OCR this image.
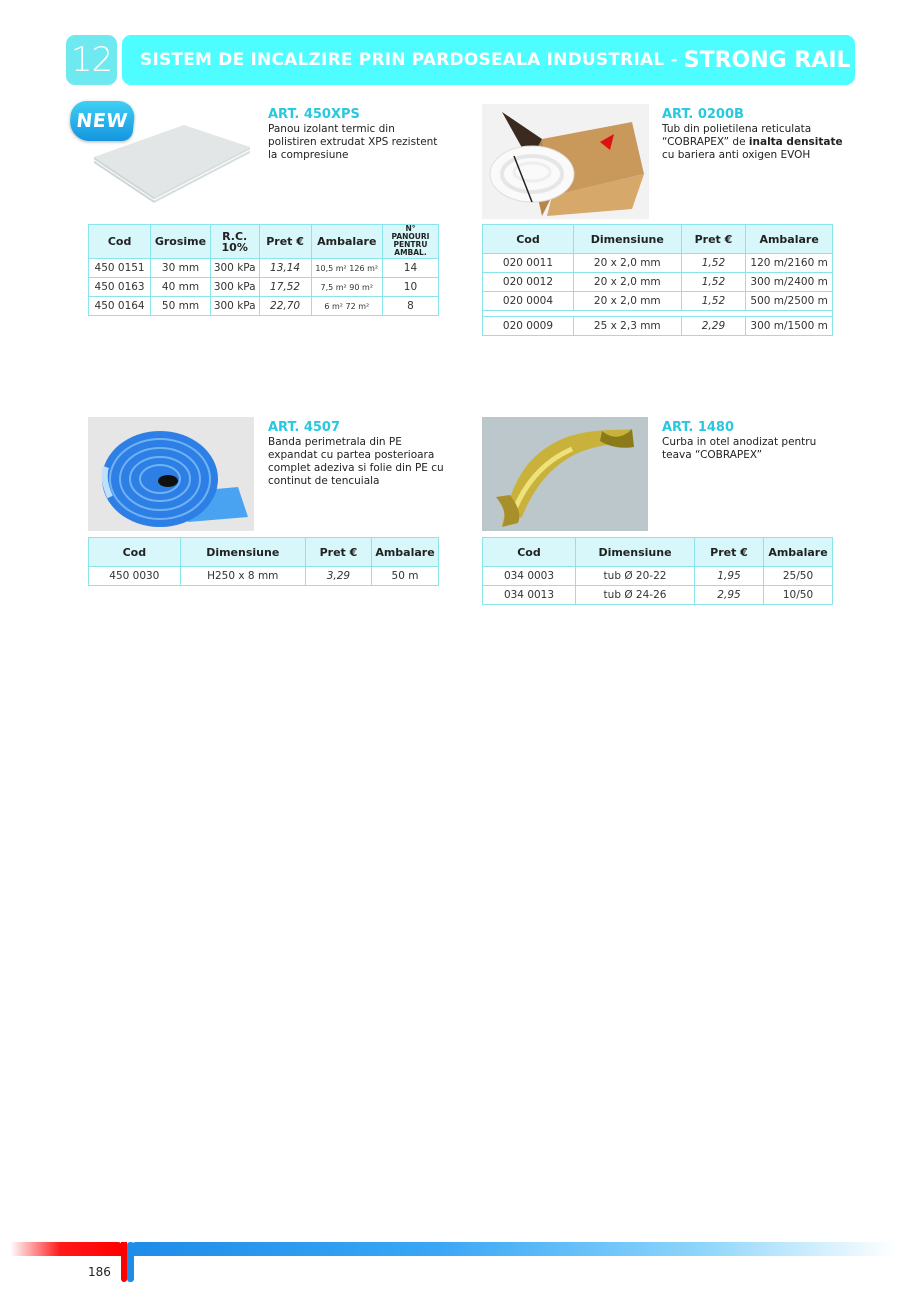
12 SISTEM DE INCALZIRE PRIN PARDOSEALA INDUSTRIAL - STRONG RAIL
NEW	ART. 450XPS
Panou izolant termic din
polistiren extrudat XPS rezistent
la compresiune
Cod	Grosime	R.C. 10%	Pret €	Ambalare	N° PANOURI PENTRU AMBAL.
450 0151	30 mm	300 kPa	13,14	10,5 m² 126 m²	14
450 0163	40 mm	300 kPa	17,52	7,5 m² 90 m²	10
450 0164	50 mm	300 kPa	22,70	6 m² 72 m²	8
ART. 0200B
Tub din polietilena reticulata
“COBRAPEX” de inalta densitate
cu bariera anti oxigen EVOH
Cod	Dimensiune	Pret €	Ambalare
020 0011	20 x 2,0 mm	1,52	120 m/2160 m
020 0012	20 x 2,0 mm	1,52	300 m/2400 m
020 0004	20 x 2,0 mm	1,52	500 m/2500 m

020 0009	25 x 2,3 mm	2,29	300 m/1500 m
ART. 4507
Banda perimetrala din PE
expandat cu partea posterioara
complet adeziva si folie din PE cu
continut de tencuiala
Cod	Dimensiune	Pret €	Ambalare
450 0030	H250 x 8 mm	3,29	50 m
ART. 1480
Curba in otel anodizat pentru
teava “COBRAPEX”
Cod	Dimensiune	Pret €	Ambalare
034 0003	tub Ø 20-22	1,95	25/50
034 0013	tub Ø 24-26	2,95	10/50
186
